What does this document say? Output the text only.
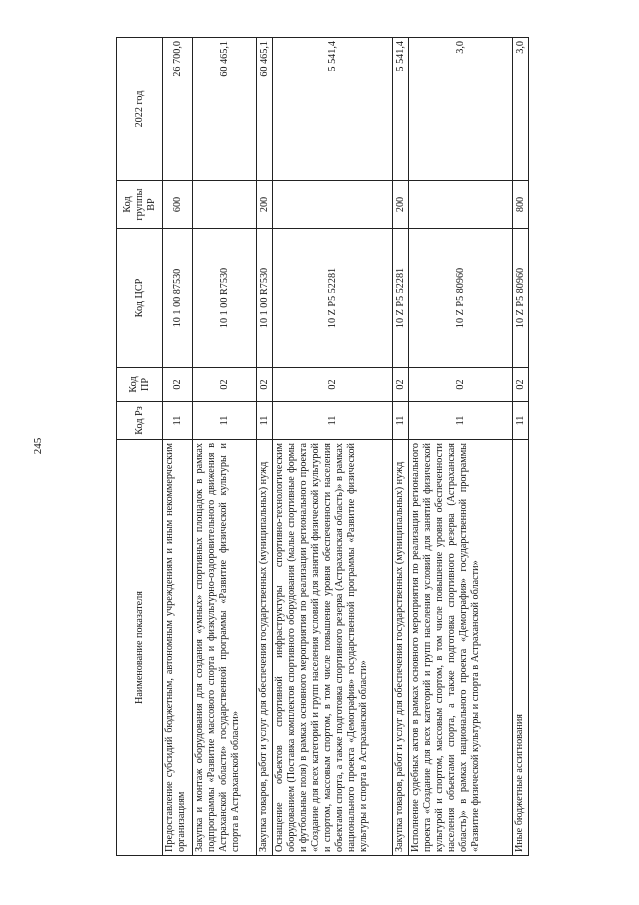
245
Наименование показателя	Код Рз	Код ПР	Код ЦСР	Код группы ВР	2022 год
Предоставление субсидий бюджетным, автономным учреждениям и иным некоммерческим организациям	11	02	10 1 00 87530	600	26 700,0
Закупка и монтаж оборудования для создания «умных» спортивных площадок в рамках подпрограммы «Развитие массового спорта и физкультурно-оздоровительного движения в Астраханской области» государственной программы «Развитие физической культуры и спорта в Астраханской области»	11	02	10 1 00 R7530		60 465,1
Закупка товаров, работ и услуг для обеспечения государственных (муниципальных) нужд	11	02	10 1 00 R7530	200	60 465,1
Оснащение объектов спортивной инфраструктуры спортивно-технологическим оборудованием (Поставка комплектов спортивного оборудования (малые спортивные формы и футбольные поля) в рамках основного мероприятия по реализации регионального проекта «Создание для всех категорий и групп населения условий для занятий физической культурой и спортом, массовым спортом, в том числе повышение уровня обеспеченности населения объектами спорта, а также подготовка спортивного резерва (Астраханская область)» в рамках национального проекта «Демография» государственной программы «Развитие физической культуры и спорта в Астраханской области»	11	02	10 Z P5 52281		5 541,4
Закупка товаров, работ и услуг для обеспечения государственных (муниципальных) нужд	11	02	10 Z P5 52281	200	5 541,4
Исполнение судебных актов в рамках основного мероприятия по реализации регионального проекта «Создание для всех категорий и групп населения условий для занятий физической культурой и спортом, массовым спортом, в том числе повышение уровня обеспеченности населения объектами спорта, а также подготовка спортивного резерва (Астраханская область)» в рамках национального проекта «Демография» государственной программы «Развитие физической культуры и спорта в Астраханской области»	11	02	10 Z P5 80960		3,0
Иные бюджетные ассигнования	11	02	10 Z P5 80960	800	3,0
